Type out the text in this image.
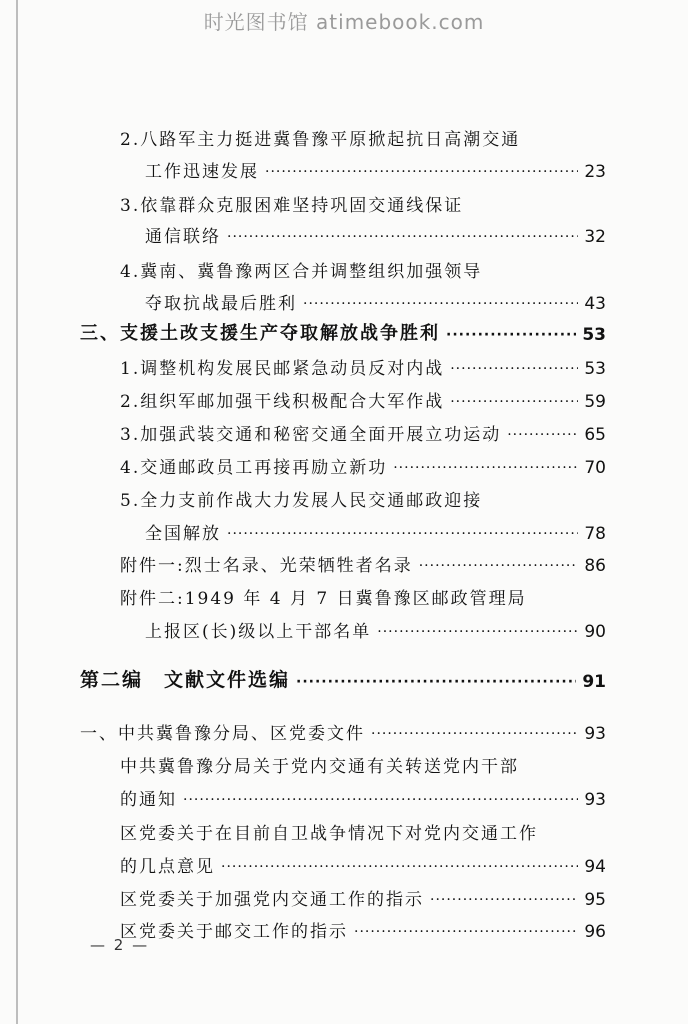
时光图书馆 atimebook.com
2.八路军主力挺进冀鲁豫平原掀起抗日高潮交通
工作迅速发展 ·····	23
3.依靠群众克服困难坚持巩固交通线保证
通信联络 ·····	32
4.冀南、冀鲁豫两区合并调整组织加强领导
夺取抗战最后胜利 ·····	43
三、支援土改支援生产夺取解放战争胜利 ·····	53
1.调整机构发展民邮紧急动员反对内战 ·····	53
2.组织军邮加强干线积极配合大军作战 ·····	59
3.加强武装交通和秘密交通全面开展立功运动 ·····	65
4.交通邮政员工再接再励立新功 ·····	70
5.全力支前作战大力发展人民交通邮政迎接
全国解放 ·····	78
附件一:烈士名录、光荣牺牲者名录 ·····	86
附件二:1949 年 4 月 7 日冀鲁豫区邮政管理局
上报区(长)级以上干部名单 ·····	90
第二编　文献文件选编 ·····	91
一、中共冀鲁豫分局、区党委文件 ·····	93
中共冀鲁豫分局关于党内交通有关转送党内干部
的通知 ·····	93
区党委关于在目前自卫战争情况下对党内交通工作
的几点意见 ·····	94
区党委关于加强党内交通工作的指示 ·····	95
区党委关于邮交工作的指示 ·····	96
— 2 —
